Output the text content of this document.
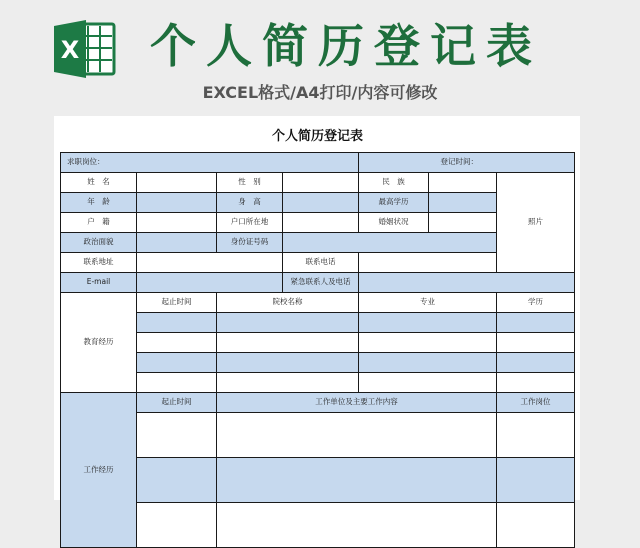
X 个人简历登记表
EXCEL格式/A4打印/内容可修改
个人简历登记表						
求职岗位：				登记时间：		
姓　名		性　别		民　族		照片
年　龄		身　高		最高学历		
户　籍		户口所在地		婚姻状况		
政治面貌		身份证号码				
联系地址			联系电话			
E-mail			紧急联系人及电话			
教育经历	起止时间	院校名称		专业		学历

工作经历	起止时间	工作单位及主要工作内容				工作岗位
